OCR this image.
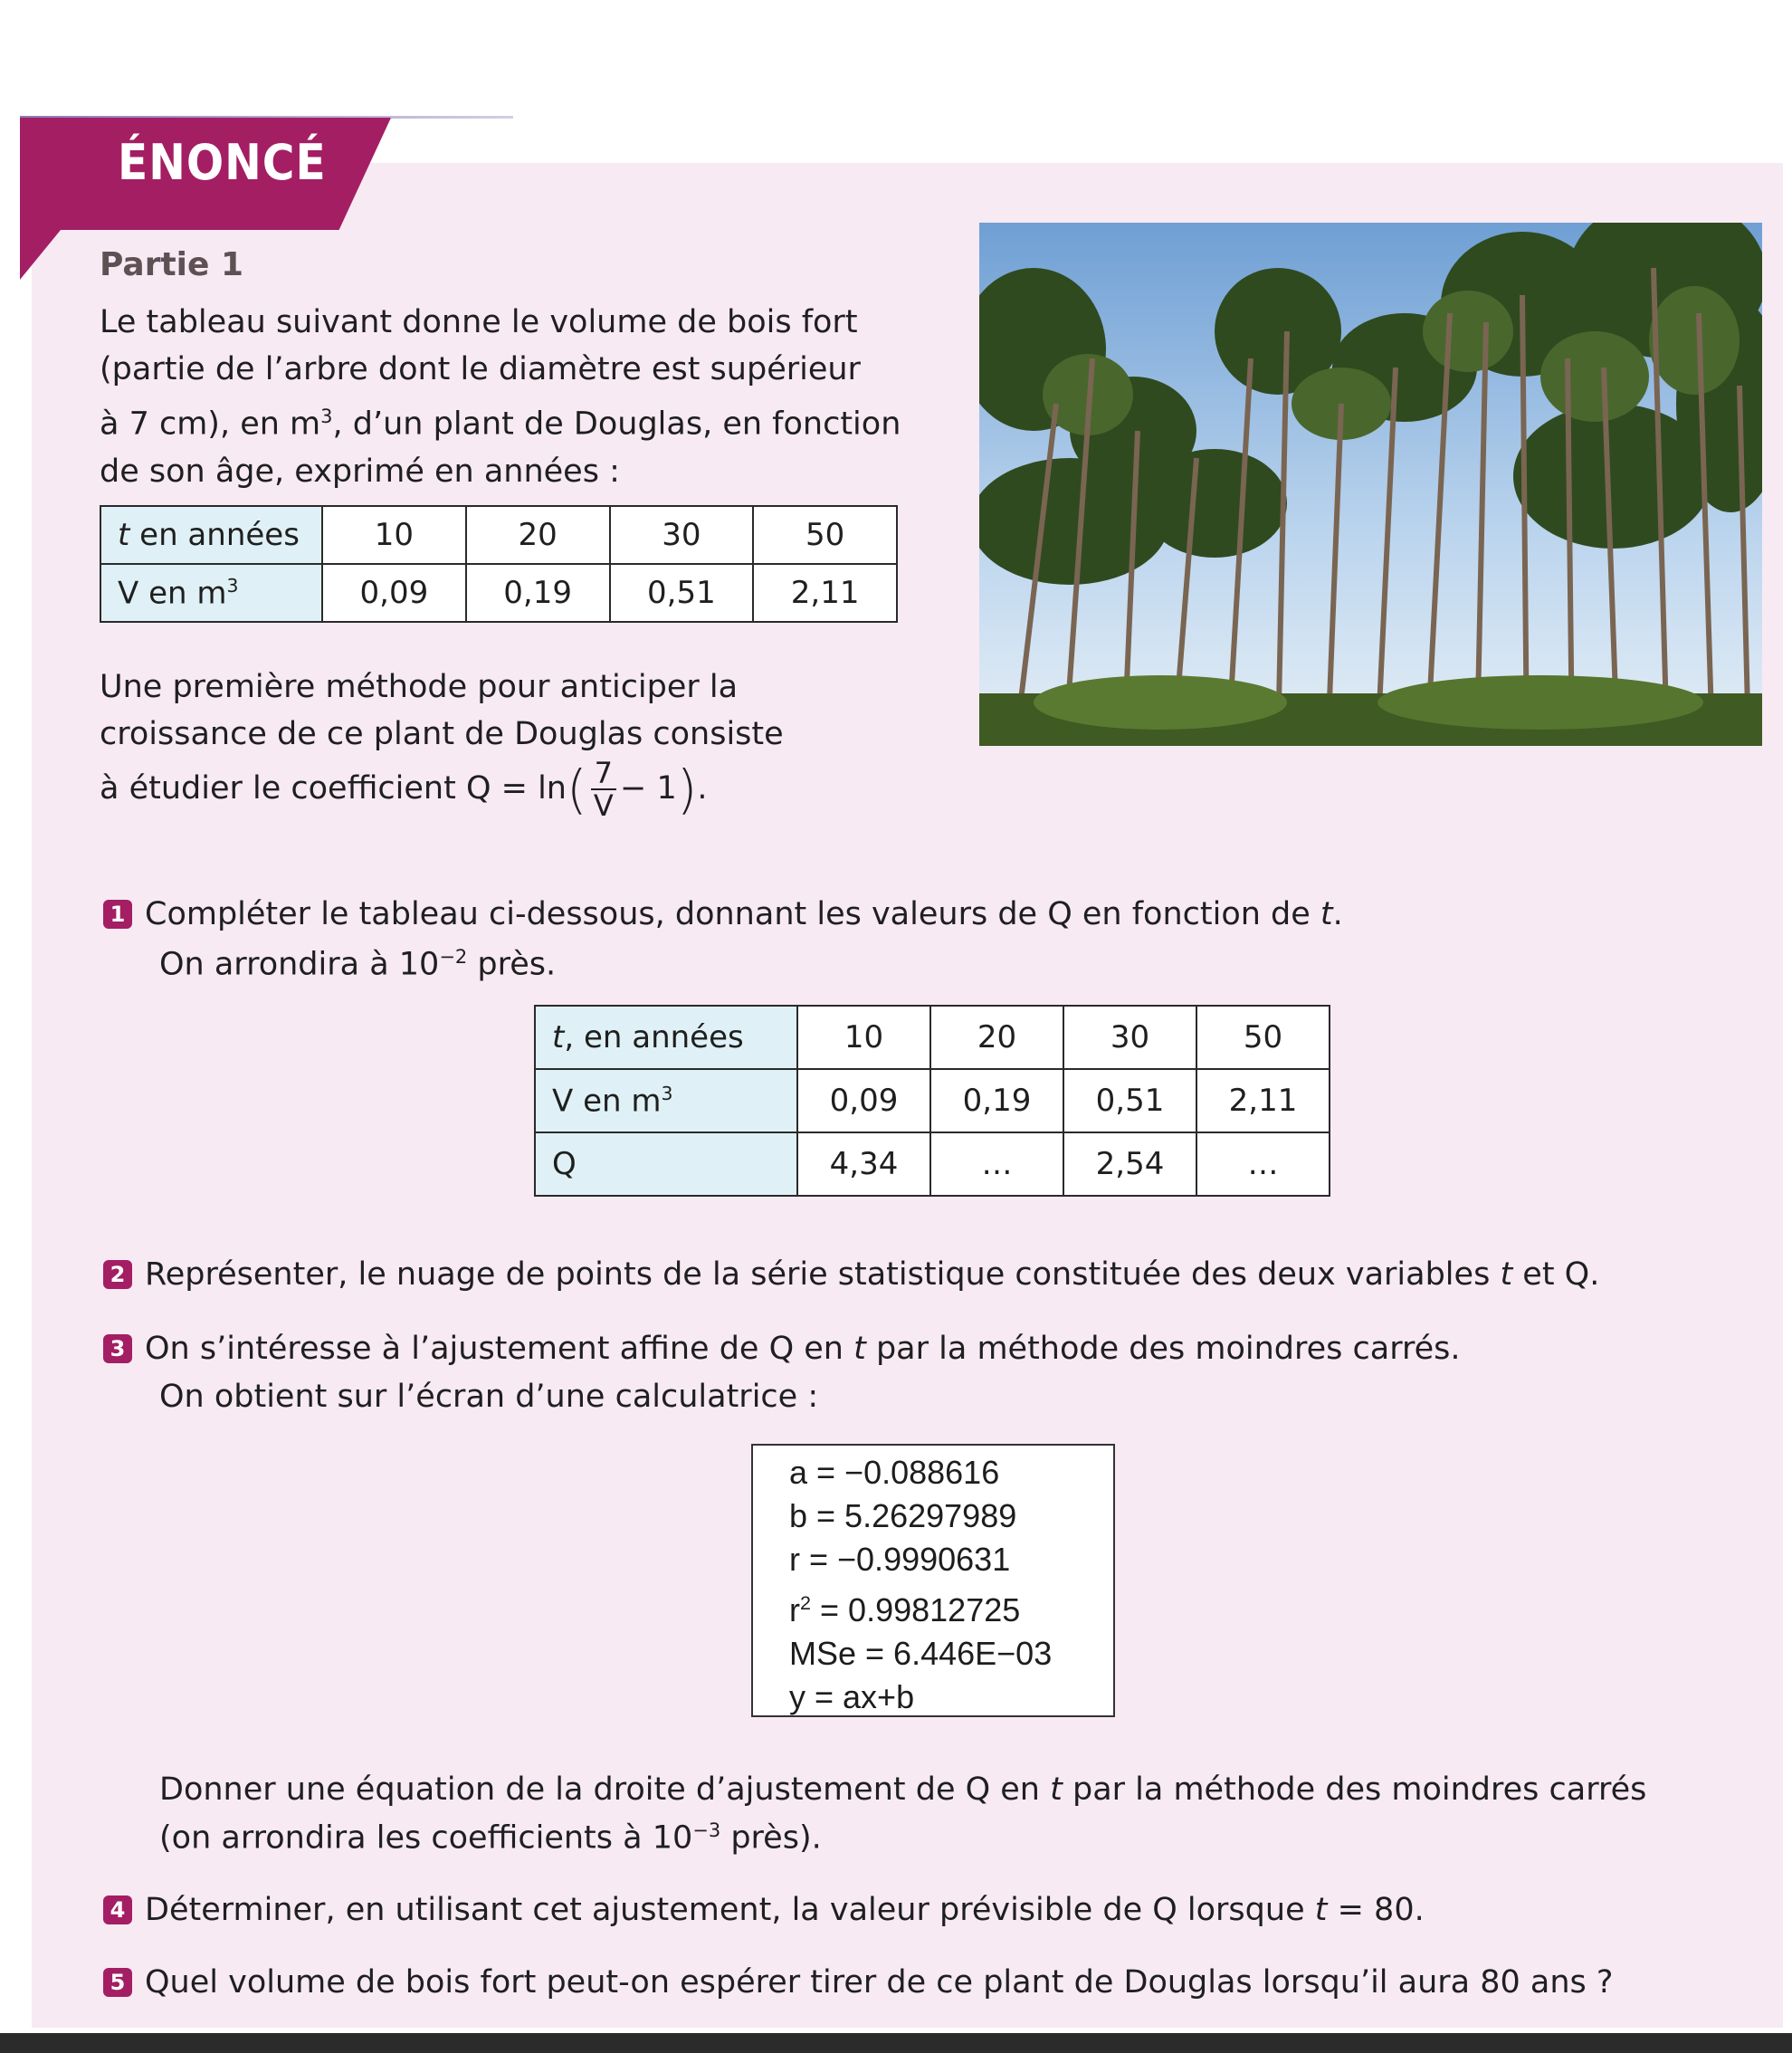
ÉNONCÉ
Partie 1
Le tableau suivant donne le volume de bois fort
(partie de l’arbre dont le diamètre est supérieur
à 7 cm), en $m^3$, d’un plant de Douglas, en fonction
de son âge, exprimé en années :
t en années	10	20	30	50
V en $m^3$	0,09	0,19	0,51	2,11
Une première méthode pour anticiper la
croissance de ce plant de Douglas consiste
à étudier le coefficient $Q = \ln( \frac{7}{V} - 1)$.
1 Compléter le tableau ci-dessous, donnant les valeurs de Q en fonction de t.
On arrondira à $10^{-2}$ près.
t, en années	10	20	30	50
V en $m^3$	0,09	0,19	0,51	2,11
Q	4,34	…	2,54	…
2 Représenter, le nuage de points de la série statistique constituée des deux variables t et Q.
3 On s’intéresse à l’ajustement affine de Q en t par la méthode des moindres carrés.
On obtient sur l’écran d’une calculatrice :
a = −0.088616
b = 5.26297989
r = −0.9990631
$r^2 = 0.99812725$
MSe = 6.446E−03
y = ax+b
Donner une équation de la droite d’ajustement de Q en t par la méthode des moindres carrés
(on arrondira les coefficients à $10^{-3}$ près).
4 Déterminer, en utilisant cet ajustement, la valeur prévisible de Q lorsque t = 80.
5 Quel volume de bois fort peut-on espérer tirer de ce plant de Douglas lorsqu’il aura 80 ans ?
